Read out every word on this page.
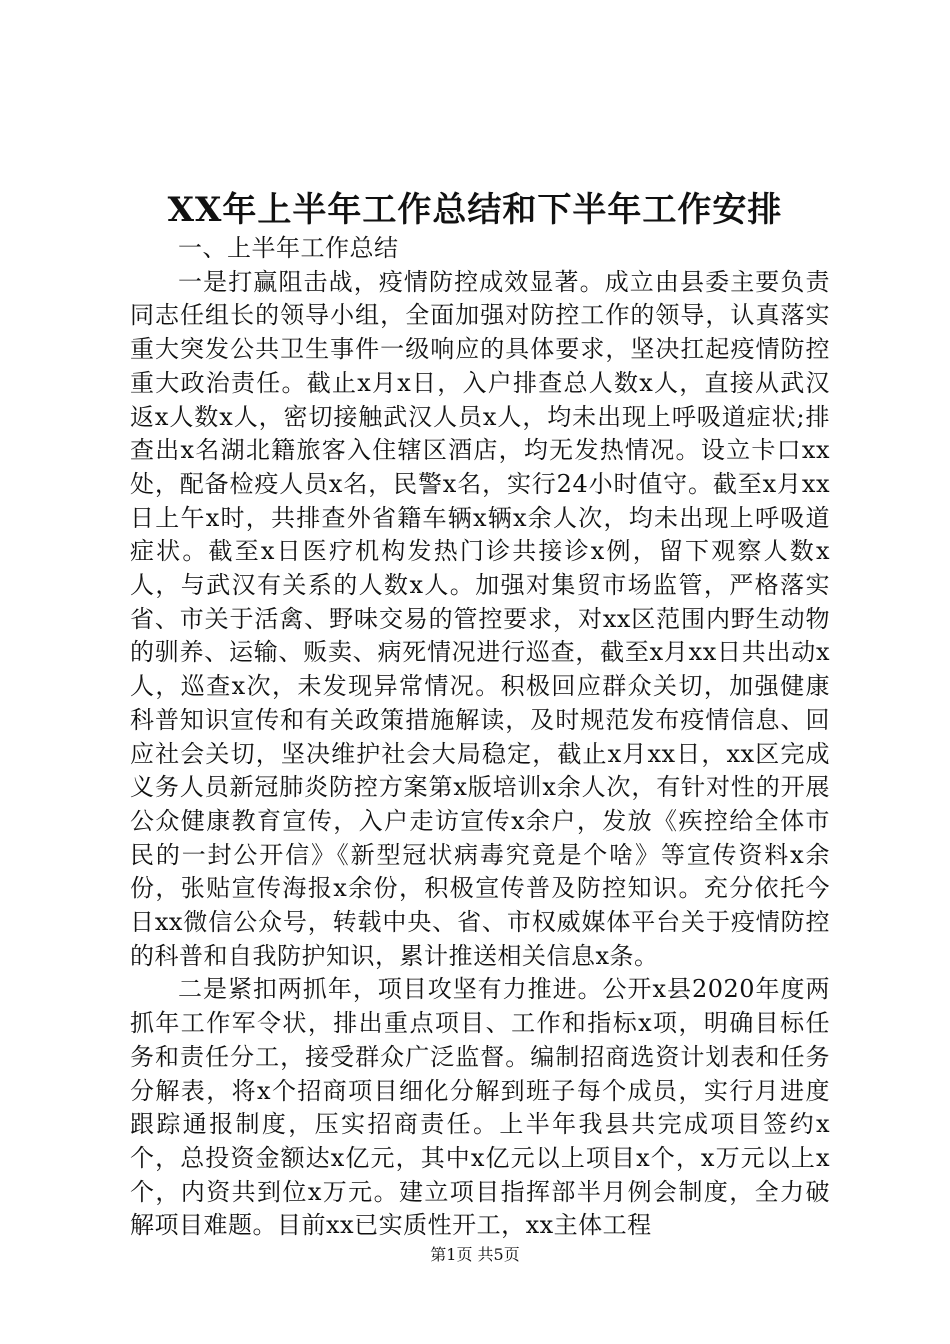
XX年上半年工作总结和下半年工作安排

一、上半年工作总结

一是打赢阻击战，疫情防控成效显著。成立由县委主要负责同志任组长的领导小组，全面加强对防控工作的领导，认真落实重大突发公共卫生事件一级响应的具体要求，坚决扛起疫情防控重大政治责任。截止x月x日，入户排查总人数x人，直接从武汉返x人数x人，密切接触武汉人员x人，均未出现上呼吸道症状;排查出x名湖北籍旅客入住辖区酒店，均无发热情况。设立卡口xx处，配备检疫人员x名，民警x名，实行24小时值守。截至x月xx日上午x时，共排查外省籍车辆x辆x余人次，均未出现上呼吸道症状。截至x日医疗机构发热门诊共接诊x例，留下观察人数x人，与武汉有关系的人数x人。加强对集贸市场监管，严格落实省、市关于活禽、野味交易的管控要求，对xx区范围内野生动物的驯养、运输、贩卖、病死情况进行巡查，截至x月xx日共出动x人，巡查x次，未发现异常情况。积极回应群众关切，加强健康科普知识宣传和有关政策措施解读，及时规范发布疫情信息、回应社会关切，坚决维护社会大局稳定，截止x月xx日，xx区完成义务人员新冠肺炎防控方案第x版培训x余人次，有针对性的开展公众健康教育宣传，入户走访宣传x余户，发放《疾控给全体市民的一封公开信》《新型冠状病毒究竟是个啥》等宣传资料x余份，张贴宣传海报x余份，积极宣传普及防控知识。充分依托今日xx微信公众号，转载中央、省、市权威媒体平台关于疫情防控的科普和自我防护知识，累计推送相关信息x条。

二是紧扣两抓年，项目攻坚有力推进。公开x县2020年度两抓年工作军令状，排出重点项目、工作和指标x项，明确目标任务和责任分工，接受群众广泛监督。编制招商选资计划表和任务分解表，将x个招商项目细化分解到班子每个成员，实行月进度跟踪通报制度，压实招商责任。上半年我县共完成项目签约x个，总投资金额达x亿元，其中x亿元以上项目x个，x万元以上x个，内资共到位x万元。建立项目指挥部半月例会制度，全力破解项目难题。目前xx已实质性开工，xx主体工程

第1页 共5页
